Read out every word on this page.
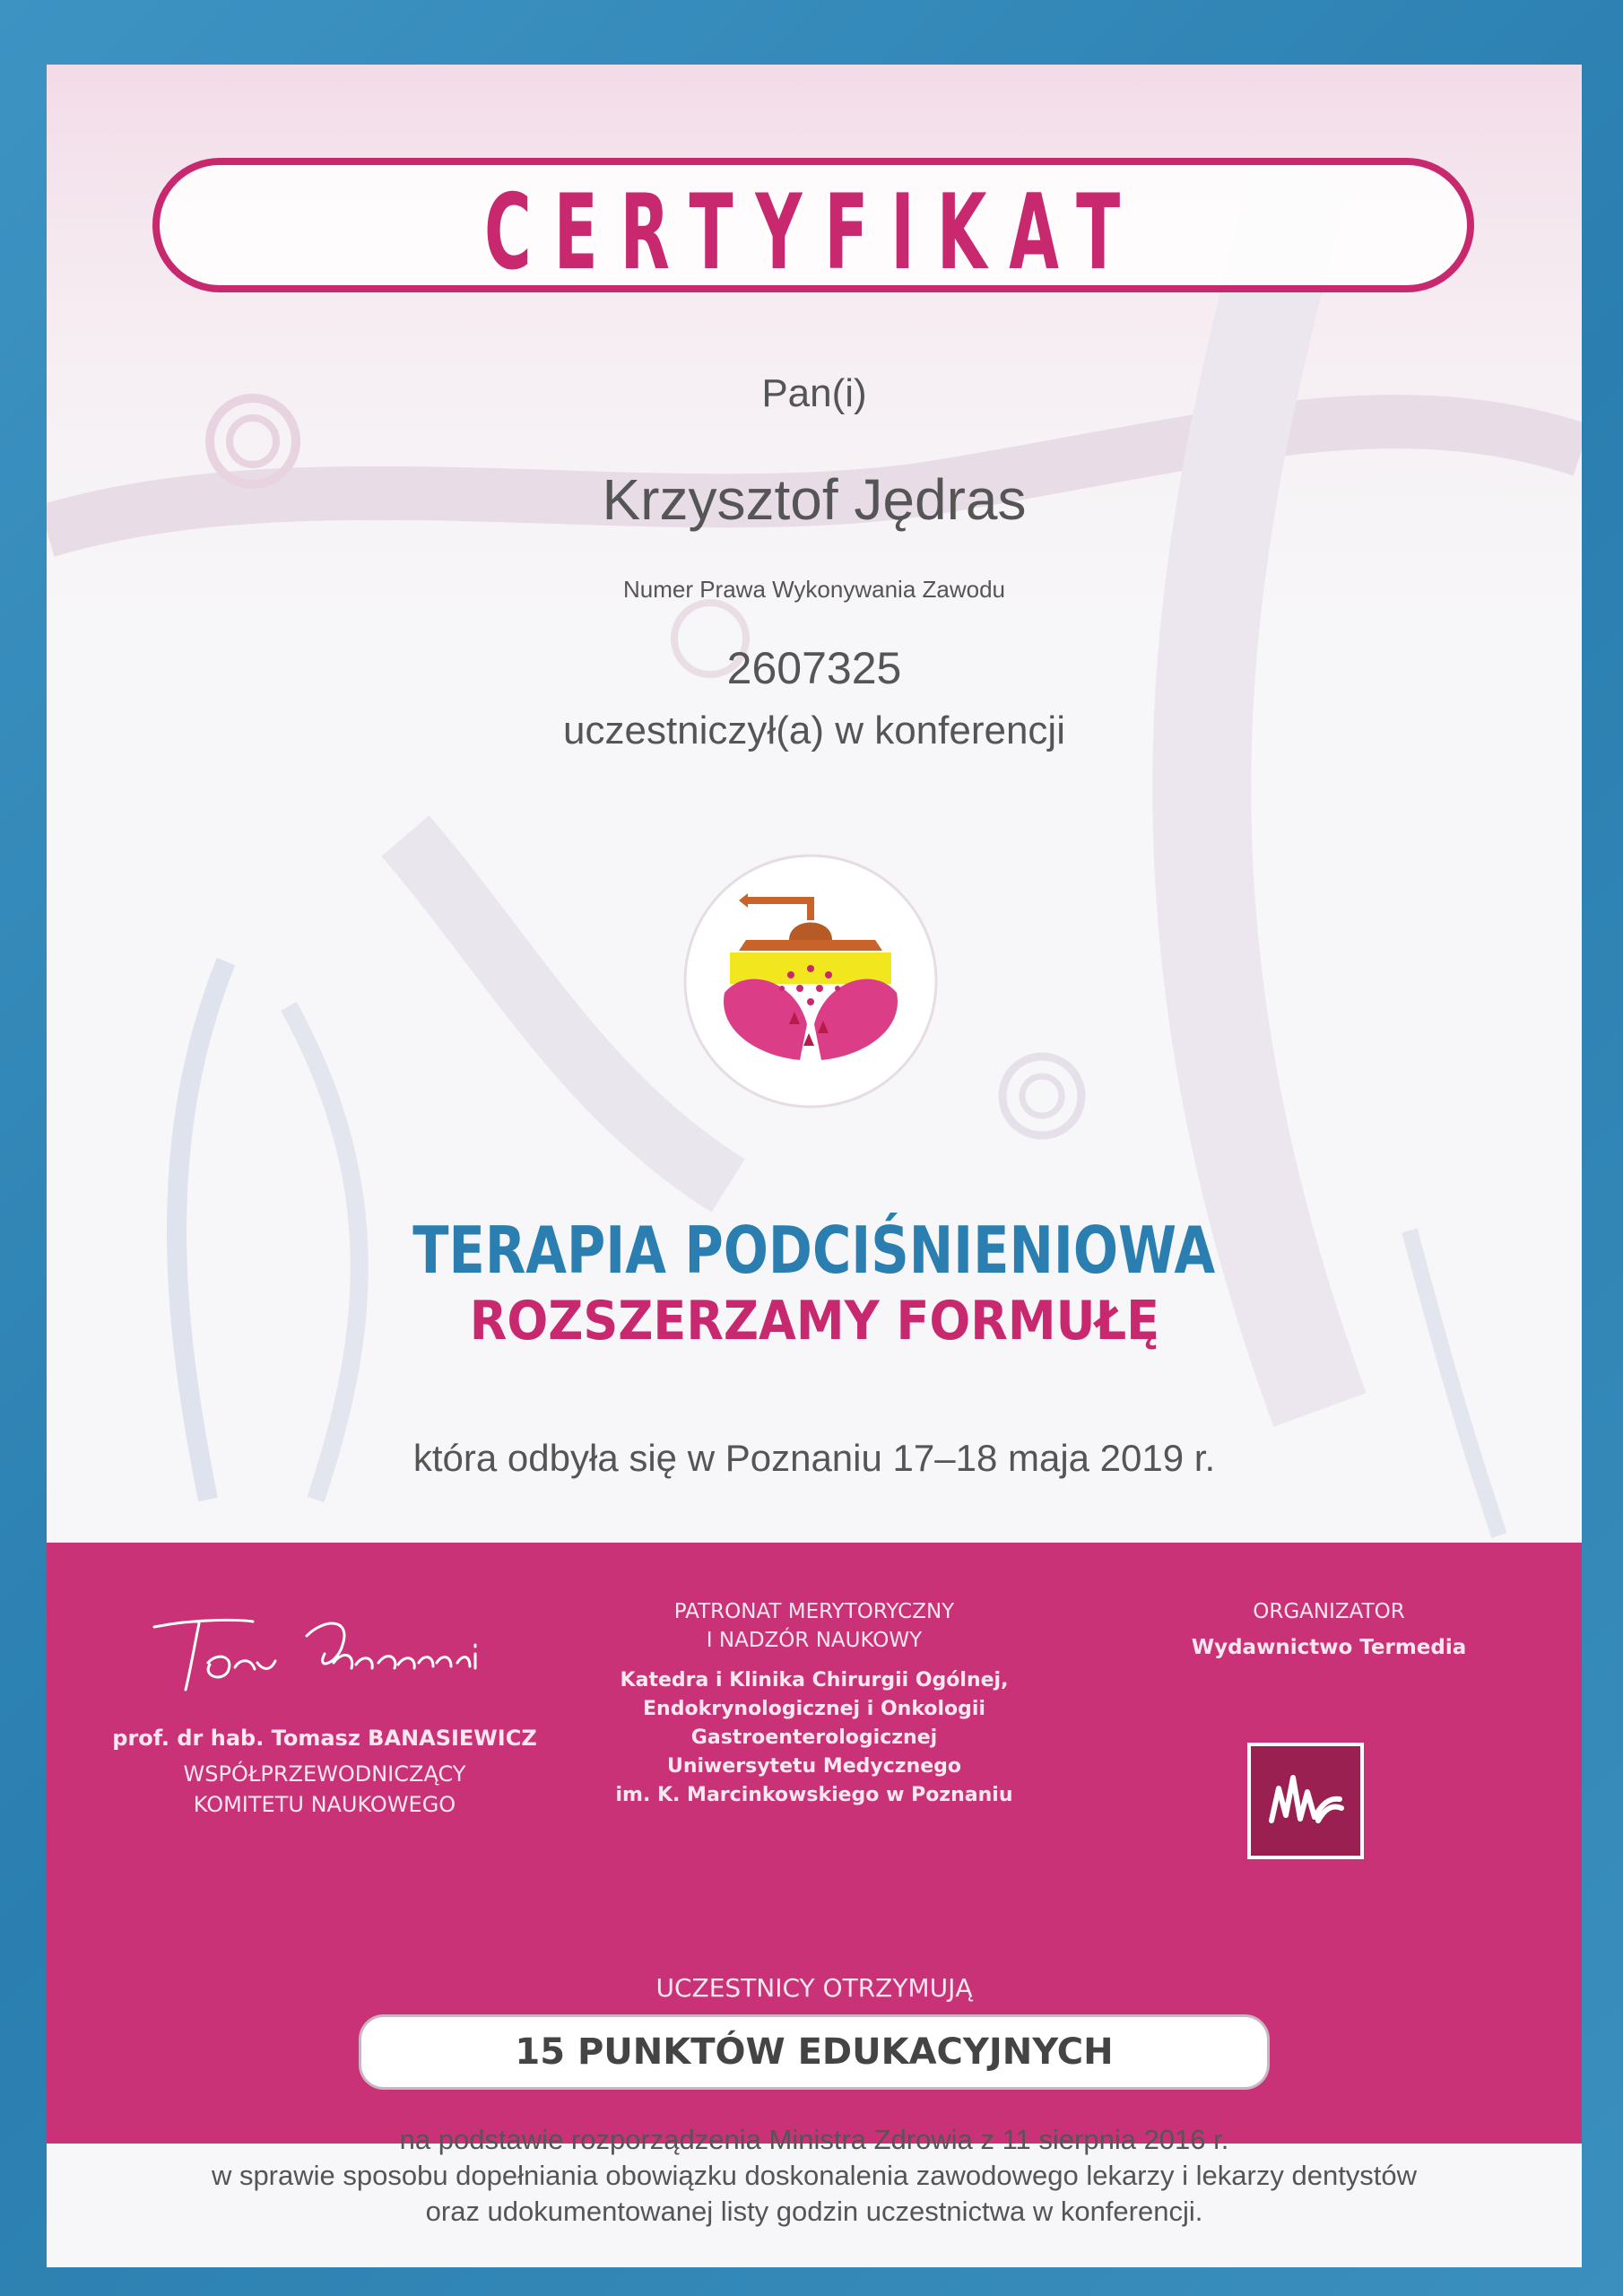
CERTYFIKAT
Pan(i)
Krzysztof Jędras
Numer Prawa Wykonywania Zawodu
2607325
uczestniczył(a) w konferencji
TERAPIA PODCIŚNIENIOWA
ROZSZERZAMY FORMUŁĘ
która odbyła się w Poznaniu 17–18 maja 2019 r.
prof. dr hab. Tomasz BANASIEWICZ
WSPÓŁPRZEWODNICZĄCY
KOMITETU NAUKOWEGO
PATRONAT MERYTORYCZNY
I NADZÓR NAUKOWY
Katedra i Klinika Chirurgii Ogólnej,
Endokrynologicznej i Onkologii
Gastroenterologicznej
Uniwersytetu Medycznego
im. K. Marcinkowskiego w Poznaniu
ORGANIZATOR
Wydawnictwo Termedia
UCZESTNICY OTRZYMUJĄ
15 PUNKTÓW EDUKACYJNYCH
na podstawie rozporządzenia Ministra Zdrowia z 11 sierpnia 2016 r.
w sprawie sposobu dopełniania obowiązku doskonalenia zawodowego lekarzy i lekarzy dentystów
oraz udokumentowanej listy godzin uczestnictwa w konferencji.
